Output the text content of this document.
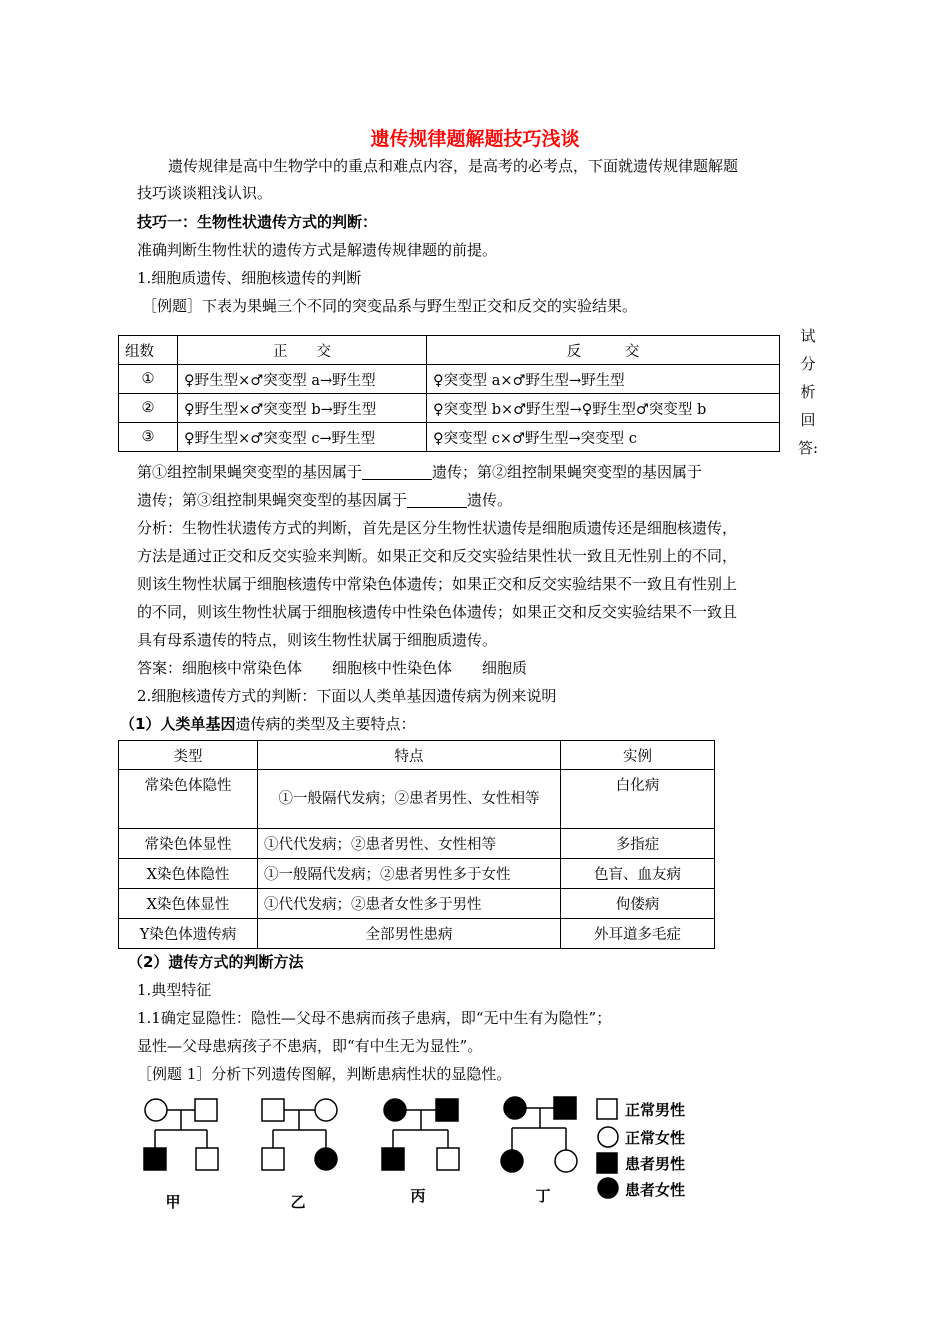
遗传规律题解题技巧浅谈
遗传规律是高中生物学中的重点和难点内容，是高考的必考点，下面就遗传规律题解题
技巧谈谈粗浅认识。
技巧一：生物性状遗传方式的判断：
准确判断生物性状的遗传方式是解遗传规律题的前提。
1.细胞质遗传、细胞核遗传的判断
［例题］下表为果蝇三个不同的突变品系与野生型正交和反交的实验结果。
组数	正　　交	反　　　交
①	♀野生型×♂突变型 a→野生型	♀突变型 a×♂野生型→野生型
②	♀野生型×♂突变型 b→野生型	♀突变型 b×♂野生型→♀野生型♂突变型 b
③	♀野生型×♂突变型 c→野生型	♀突变型 c×♂野生型→突变型 c
试
分
析
回
答:
第①组控制果蝇突变型的基因属于	遗传；第②组控制果蝇突变型的基因属于
遗传；第③组控制果蝇突变型的基因属于	遗传。
分析：生物性状遗传方式的判断，首先是区分生物性状遗传是细胞质遗传还是细胞核遗传，
方法是通过正交和反交实验来判断。如果正交和反交实验结果性状一致且无性别上的不同，
则该生物性状属于细胞核遗传中常染色体遗传；如果正交和反交实验结果不一致且有性别上
的不同，则该生物性状属于细胞核遗传中性染色体遗传；如果正交和反交实验结果不一致且
具有母系遗传的特点，则该生物性状属于细胞质遗传。
答案：细胞核中常染色体　　细胞核中性染色体　　细胞质
2.细胞核遗传方式的判断：下面以人类单基因遗传病为例来说明
（1）人类单基因遗传病的类型及主要特点：
类型	特点	实例
常染色体隐性	①一般隔代发病；②患者男性、女性相等	白化病
常染色体显性	①代代发病；②患者男性、女性相等	多指症
X染色体隐性	①一般隔代发病；②患者男性多于女性	色盲、血友病
X染色体显性	①代代发病；②患者女性多于男性	佝偻病
Y染色体遗传病	全部男性患病	外耳道多毛症
（2）遗传方式的判断方法
1.典型特征
1.1确定显隐性：隐性—父母不患病而孩子患病，即“无中生有为隐性”；
显性—父母患病孩子不患病，即“有中生无为显性”。
［例题 1］分析下列遗传图解，判断患病性状的显隐性。
甲	乙	丙	丁
正常男性
正常女性
患者男性
患者女性
